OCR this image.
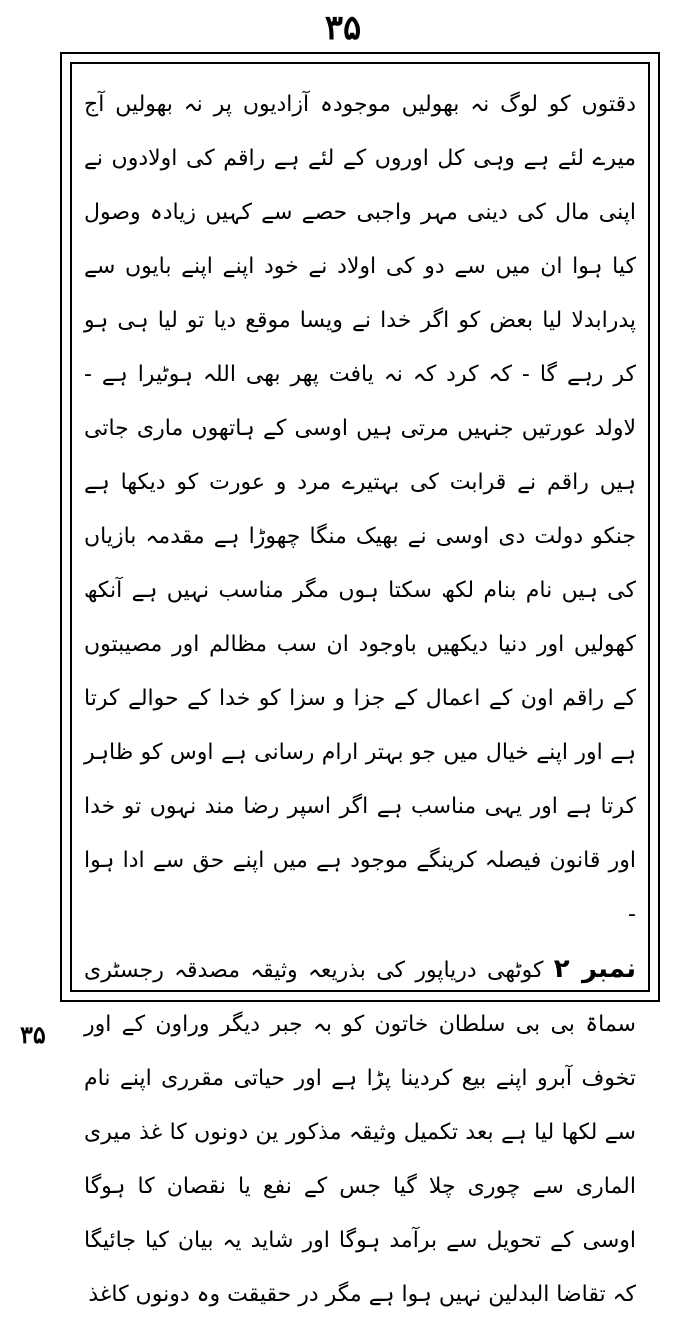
۳۵

دقتوں کو لوگ نہ بھولیں موجودہ آزادیوں پر نہ بھولیں آج میرے لئے ہے وہی کل اوروں کے لئے ہے راقم کی اولادوں نے اپنی مال کی دینی مہر واجبی حصے سے کہیں زیادہ وصول کیا ہوا ان میں سے دو کی اولاد نے خود اپنے اپنے بایوں سے پدرابدلا لیا بعض کو اگر خدا نے ویسا موقع دیا تو لیا ہی ہو کر رہے گا - کہ کرد کہ نہ یافت پھر بھی اللہ ہوٹیرا ہے - لاولد عورتیں جنہیں مرتی ہیں اوسی کے ہاتھوں ماری جاتی ہیں راقم نے قرابت کی بہتیرے مرد و عورت کو دیکھا ہے جنکو دولت دی اوسی نے بھیک منگا چھوڑا ہے مقدمہ بازیاں کی ہیں نام بنام لکھ سکتا ہوں مگر مناسب نہیں ہے آنکھ کھولیں اور دنیا دیکھیں باوجود ان سب مظالم اور مصیبتوں کے راقم اون کے اعمال کے جزا و سزا کو خدا کے حوالے کرتا ہے اور اپنے خیال میں جو بہتر ارام رسانی ہے اوس کو ظاہر کرتا ہے اور یہی مناسب ہے اگر اسپر رضا مند نہوں تو خدا اور قانون فیصلہ کرینگے موجود ہے میں اپنے حق سے ادا ہوا -

نمبر ۲ کوٹھی دریاپور کی بذریعہ وثیقہ مصدقہ رجسٹری سماۃ بی بی سلطان خاتون کو بہ جبر دیگر وراون کے اور تخوف آبرو اپنے بیع کردینا پڑا ہے اور حیاتی مقرری اپنے نام سے لکھا لیا ہے بعد تکمیل وثیقہ مذکور ین دونوں کا غذ میری الماری سے چوری چلا گیا جس کے نفع یا نقصان کا ہوگا اوسی کے تحویل سے برآمد ہوگا اور شاید یہ بیان کیا جائیگا کہ تقاضا البدلین نہیں ہوا ہے مگر در حقیقت وہ دونوں کاغذ

۳۵
